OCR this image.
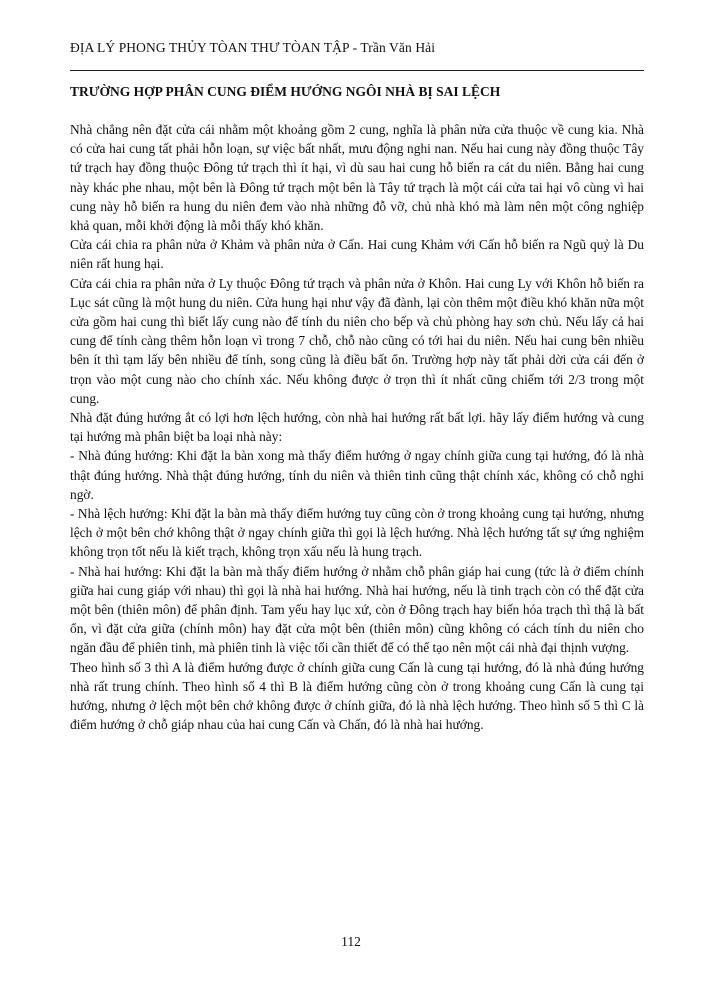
ĐỊA LÝ PHONG THỦY TÒAN THƯ TÒAN TẬP - Trần Văn Hải
TRƯỜNG HỢP PHÂN CUNG ĐIỂM HƯỚNG NGÔI NHÀ BỊ SAI LỆCH

Nhà chẳng nên đặt cửa cái nhằm một khoảng gồm 2 cung, nghĩa là phân nửa cửa thuộc về cung kia. Nhà có cửa hai cung tất phải hỗn loạn, sự việc bất nhất, mưu động nghi nan. Nếu hai cung này đồng thuộc Tây tứ trạch hay đồng thuộc Đông tứ trạch thì ít hại, vì dù sau hai cung hỗ biến ra cát du niên. Bằng hai cung này khác phe nhau, một bên là Đông tứ trạch một bên là Tây tứ trạch là một cái cửa tai hại vô cùng vì hai cung này hỗ biến ra hung du niên đem vào nhà những đỗ vỡ, chủ nhà khó mà làm nên một công nghiệp khả quan, mỗi khởi động là mỗi thấy khó khăn.

Cửa cái chia ra phân nửa ở Khảm và phân nửa ở Cấn. Hai cung Khảm với Cấn hỗ biến ra Ngũ quỷ là Du niên rất hung hại.

Cửa cái chia ra phân nửa ở Ly thuộc Đông tứ trạch và phân nửa ở Khôn. Hai cung Ly với Khôn hỗ biến ra Lục sát cũng là một hung du niên. Cửa hung hại như vậy đã đành, lại còn thêm một điều khó khăn nữa một cửa gồm hai cung thì biết lấy cung nào để tính du niên cho bếp và chủ phòng hay sơn chủ. Nếu lấy cả hai cung để tính càng thêm hỗn loạn vì trong 7 chỗ, chỗ nào cũng có tới hai du niên. Nếu hai cung bên nhiều bên ít thì tạm lấy bên nhiều để tính, song cũng là điều bất ổn. Trường hợp này tất phải dời cửa cái đến ở trọn vào một cung nào cho chính xác. Nếu không được ở trọn thì ít nhất cũng chiếm tới 2/3 trong một cung.

Nhà đặt đúng hướng ắt có lợi hơn lệch hướng, còn nhà hai hướng rất bất lợi. hãy lấy điểm hướng và cung tại hướng mà phân biệt ba loại nhà này:

- Nhà đúng hướng: Khi đặt la bàn xong mà thấy điểm hướng ở ngay chính giữa cung tại hướng, đó là nhà thật đúng hướng. Nhà thật đúng hướng, tính du niên và thiên tinh cũng thật chính xác, không có chỗ nghi ngờ.

- Nhà lệch hướng: Khi đặt la bàn mà thấy điểm hướng tuy cũng còn ở trong khoảng cung tại hướng, nhưng lệch ở một bên chớ không thật ở ngay chính giữa thì gọi là lệch hướng. Nhà lệch hướng tất sự ứng nghiệm không trọn tốt nếu là kiết trạch, không trọn xấu nếu là hung trạch.

- Nhà hai hướng: Khi đặt la bàn mà thấy điểm hướng ở nhằm chỗ phân giáp hai cung (tức là ở điểm chính giữa hai cung giáp với nhau) thì gọi là nhà hai hướng. Nhà hai hướng, nếu là tinh trạch còn có thể đặt cửa một bên (thiên môn) để phân định. Tam yếu hay lục xứ, còn ở Đông trạch hay biến hóa trạch thì thậ là bất ổn, vì đặt cửa giữa (chính môn) hay đặt cửa một bên (thiên môn) cũng không có cách tính du niên cho ngăn đầu để phiên tinh, mà phiên tinh là việc tối cần thiết để có thể tạo nên một cái nhà đại thịnh vượng.

Theo hình số 3 thì A là điểm hướng được ở chính giữa cung Cấn là cung tại hướng, đó là nhà đúng hướng nhà rất trung chính. Theo hình số 4 thì B là điểm hướng cũng còn ở trong khoảng cung Cấn là cung tại hướng, nhưng ở lệch một bên chớ không được ở chính giữa, đó là nhà lệch hướng. Theo hình số 5 thì C là điểm hướng ở chỗ giáp nhau của hai cung Cấn và Chấn, đó là nhà hai hướng.

112
